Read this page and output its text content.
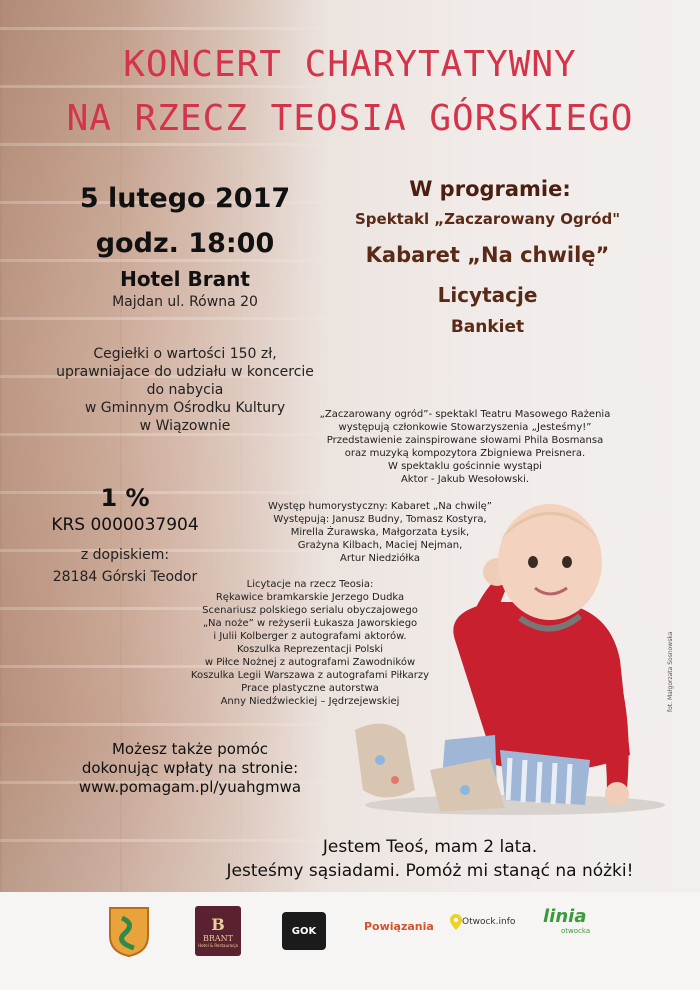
KONCERT CHARYTATYWNY
NA RZECZ TEOSIA GÓRSKIEGO
5 lutego 2017
godz. 18:00
Hotel Brant
Majdan ul. Równa 20
Cegiełki o wartości 150 zł,
uprawniajace do udziału w koncercie
do nabycia
w Gminnym Ośrodku Kultury
w Wiązownie
1 %
KRS 0000037904
z dopiskiem:
28184 Górski Teodor
W programie:
Spektakl „Zaczarowany Ogród"
Kabaret „Na chwilę”
Licytacje
Bankiet
„Zaczarowany ogród”- spektakl Teatru Masowego Rażenia
występują członkowie Stowarzyszenia „Jesteśmy!”
Przedstawienie zainspirowane słowami Phila Bosmansa
oraz muzyką kompozytora Zbigniewa Preisnera.
W spektaklu gościnnie wystąpi
Aktor - Jakub Wesołowski.
Występ humorystyczny: Kabaret „Na chwilę”
Występują: Janusz Budny, Tomasz Kostyra,
Mirella Żurawska, Małgorzata Łysik,
Grażyna Kilbach, Maciej Nejman,
Artur Niedziółka
Licytacje na rzecz Teosia:
Rękawice bramkarskie Jerzego Dudka
Scenariusz polskiego serialu obyczajowego
„Na noże” w reżyserii Łukasza Jaworskiego
i Julii Kolberger z autografami aktorów.
Koszulka Reprezentacji Polski
w Piłce Nożnej z autografami Zawodników
Koszulka Legii Warszawa z autografami Piłkarzy
Prace plastyczne autorstwa
Anny Niedźwieckiej – Jędrzejewskiej	fot. Małgorzata Sosnowska
Możesz także pomóc
dokonując wpłaty na stronie:
www.pomagam.pl/yuahgmwa
Jestem Teoś, mam 2 lata.
Jesteśmy sąsiadami. Pomóż mi stanąć na nóżki!
B
BRANT
Hotel & Restauracja
GOK	Powiązania	Otwock.info linia
otwocka
